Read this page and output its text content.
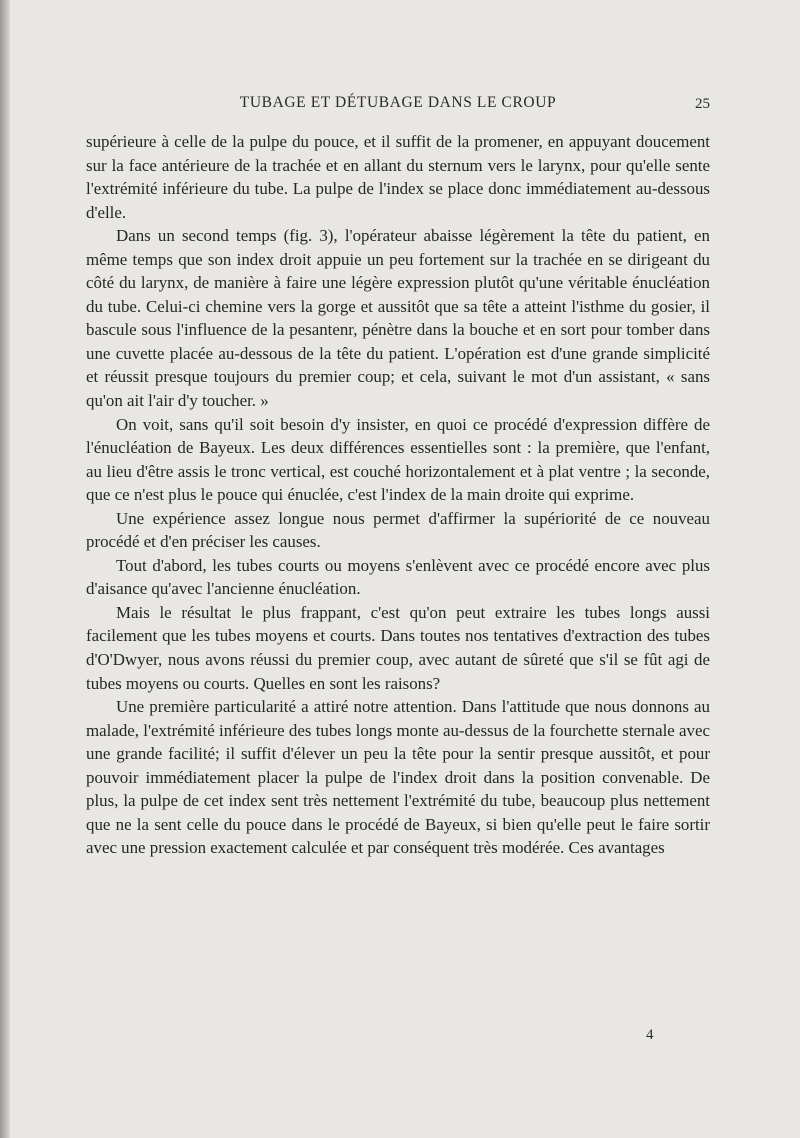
TUBAGE ET DÉTUBAGE DANS LE CROUP	25

supérieure à celle de la pulpe du pouce, et il suffit de la promener, en appuyant doucement sur la face antérieure de la trachée et en allant du sternum vers le larynx, pour qu'elle sente l'extrémité inférieure du tube. La pulpe de l'index se place donc immédiatement au-dessous d'elle.

Dans un second temps (fig. 3), l'opérateur abaisse légèrement la tête du patient, en même temps que son index droit appuie un peu fortement sur la trachée en se dirigeant du côté du larynx, de manière à faire une légère expression plutôt qu'une véritable énucléation du tube. Celui-ci chemine vers la gorge et aussitôt que sa tête a atteint l'isthme du gosier, il bascule sous l'influence de la pesantenr, pénètre dans la bouche et en sort pour tomber dans une cuvette placée au-dessous de la tête du patient. L'opération est d'une grande simplicité et réussit presque toujours du premier coup; et cela, suivant le mot d'un assistant, « sans qu'on ait l'air d'y toucher. »

On voit, sans qu'il soit besoin d'y insister, en quoi ce procédé d'expression diffère de l'énucléation de Bayeux. Les deux différences essentielles sont : la première, que l'enfant, au lieu d'être assis le tronc vertical, est couché horizontalement et à plat ventre ; la seconde, que ce n'est plus le pouce qui énuclée, c'est l'index de la main droite qui exprime.

Une expérience assez longue nous permet d'affirmer la supériorité de ce nouveau procédé et d'en préciser les causes.

Tout d'abord, les tubes courts ou moyens s'enlèvent avec ce procédé encore avec plus d'aisance qu'avec l'ancienne énucléation.

Mais le résultat le plus frappant, c'est qu'on peut extraire les tubes longs aussi facilement que les tubes moyens et courts. Dans toutes nos tentatives d'extraction des tubes d'O'Dwyer, nous avons réussi du premier coup, avec autant de sûreté que s'il se fût agi de tubes moyens ou courts. Quelles en sont les raisons?

Une première particularité a attiré notre attention. Dans l'attitude que nous donnons au malade, l'extrémité inférieure des tubes longs monte au-dessus de la fourchette sternale avec une grande facilité; il suffit d'élever un peu la tête pour la sentir presque aussitôt, et pour pouvoir immédiatement placer la pulpe de l'index droit dans la position convenable. De plus, la pulpe de cet index sent très nettement l'extrémité du tube, beaucoup plus nettement que ne la sent celle du pouce dans le procédé de Bayeux, si bien qu'elle peut le faire sortir avec une pression exactement calculée et par conséquent très modérée. Ces avantages

4
